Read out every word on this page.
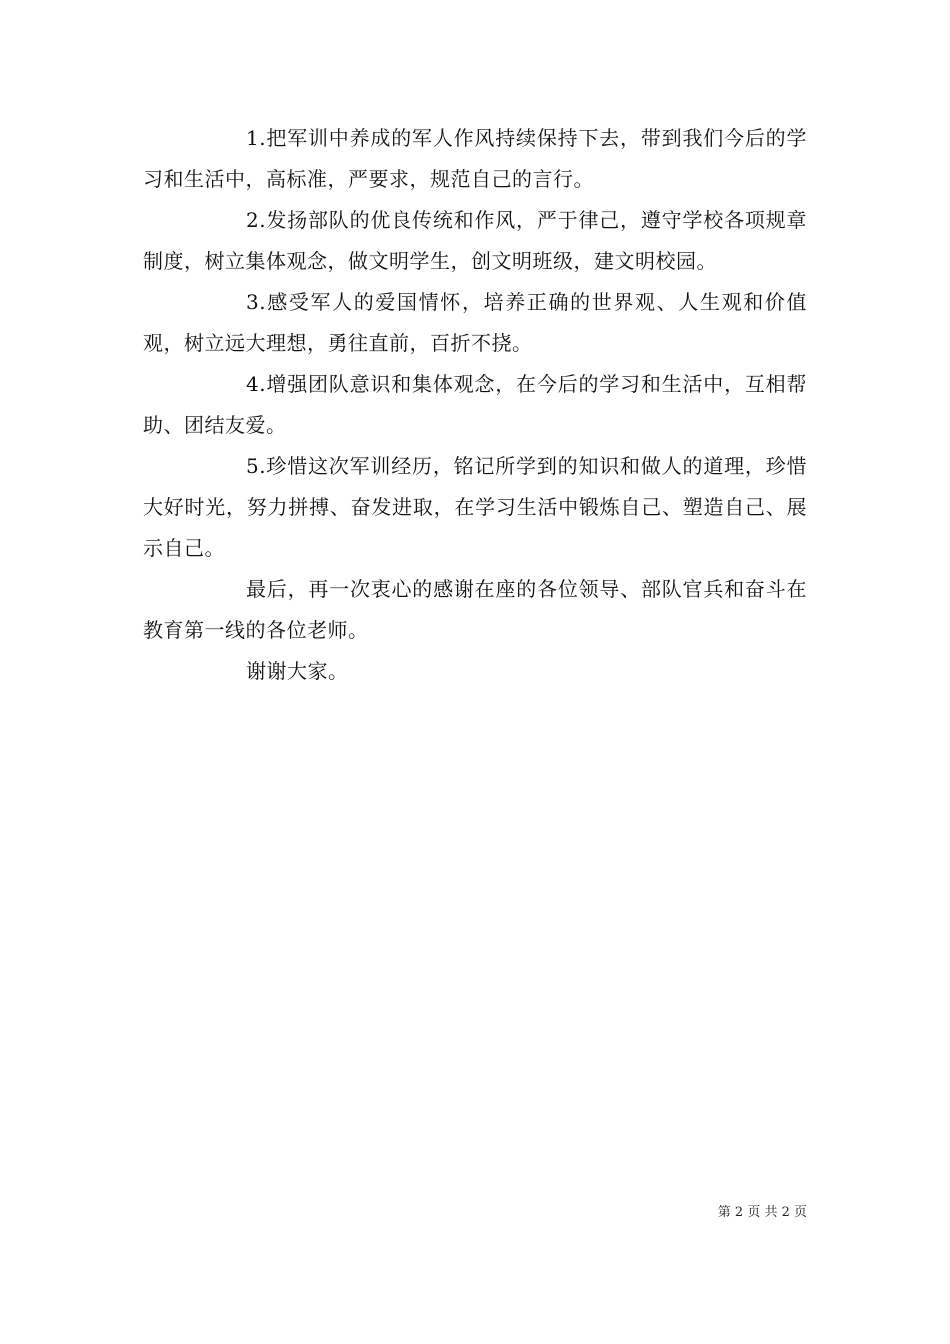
1.把军训中养成的军人作风持续保持下去，带到我们今后的学习和生活中，高标准，严要求，规范自己的言行。

2.发扬部队的优良传统和作风，严于律己，遵守学校各项规章制度，树立集体观念，做文明学生，创文明班级，建文明校园。

3.感受军人的爱国情怀，培养正确的世界观、人生观和价值观，树立远大理想，勇往直前，百折不挠。

4.增强团队意识和集体观念，在今后的学习和生活中，互相帮助、团结友爱。

5.珍惜这次军训经历，铭记所学到的知识和做人的道理，珍惜大好时光，努力拼搏、奋发进取，在学习生活中锻炼自己、塑造自己、展示自己。

最后，再一次衷心的感谢在座的各位领导、部队官兵和奋斗在教育第一线的各位老师。

谢谢大家。

第 2 页 共 2 页
